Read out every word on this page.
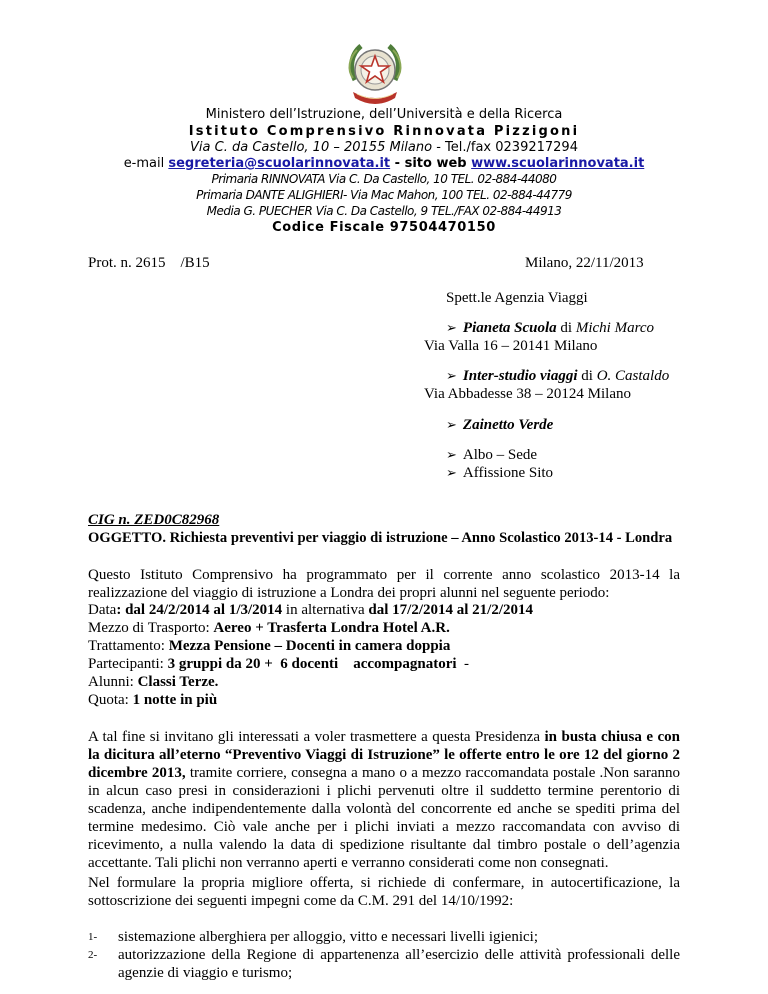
Ministero dell’Istruzione, dell’Università e della Ricerca
Istituto Comprensivo Rinnovata Pizzigoni
Via C. da Castello, 10 – 20155 Milano - Tel./fax 0239217294
e-mail segreteria@scuolarinnovata.it - sito web www.scuolarinnovata.it
Primaria RINNOVATA Via C. Da Castello, 10 TEL. 02-884-44080
Primaria DANTE ALIGHIERI- Via Mac Mahon, 100 TEL. 02-884-44779
Media G. PUECHER Via C. Da Castello, 9 TEL./FAX 02-884-44913
Codice Fiscale 97504470150
Prot. n. 2615    /B15	Milano, 22/11/2013
Spett.le Agenzia Viaggi
➢ Pianeta Scuola di Michi Marco
Via Valla 16 – 20141 Milano
➢ Inter-studio viaggi di O. Castaldo
Via Abbadesse 38 – 20124 Milano
➢ Zainetto Verde
➢ Albo – Sede
➢ Affissione Sito
CIG n. ZED0C82968
OGGETTO. Richiesta preventivi per viaggio di istruzione – Anno Scolastico 2013-14 - Londra
Questo Istituto Comprensivo ha programmato per il corrente anno scolastico 2013-14 la realizzazione del viaggio di istruzione a Londra dei propri alunni nel seguente periodo:
Data: dal 24/2/2014 al 1/3/2014 in alternativa dal 17/2/2014 al 21/2/2014
Mezzo di Trasporto: Aereo + Trasferta Londra Hotel A.R.
Trattamento: Mezza Pensione – Docenti in camera doppia
Partecipanti: 3 gruppi da 20 +  6 docenti    accompagnatori  -
Alunni: Classi Terze.
Quota: 1 notte in più
A tal fine si invitano gli interessati a voler trasmettere a questa Presidenza in busta chiusa e con la dicitura all’eterno “Preventivo Viaggi di Istruzione” le offerte entro le ore 12 del giorno 2 dicembre 2013, tramite corriere, consegna a mano o a mezzo raccomandata postale .Non saranno in alcun caso presi in considerazioni i plichi pervenuti oltre il suddetto termine perentorio di scadenza, anche indipendentemente dalla volontà del concorrente ed anche se spediti prima del termine medesimo. Ciò vale anche per i plichi inviati a mezzo raccomandata con avviso di ricevimento, a nulla valendo la data di spedizione risultante dal timbro postale o dell’agenzia accettante. Tali plichi non verranno aperti e verranno considerati come non consegnati.
Nel formulare la propria migliore offerta, si richiede di confermare, in autocertificazione, la sottoscrizione dei seguenti impegni come da C.M. 291 del 14/10/1992:
1- sistemazione alberghiera per alloggio, vitto e necessari livelli igienici;
2- autorizzazione della Regione di appartenenza all’esercizio delle attività professionali delle agenzie di viaggio e turismo;
